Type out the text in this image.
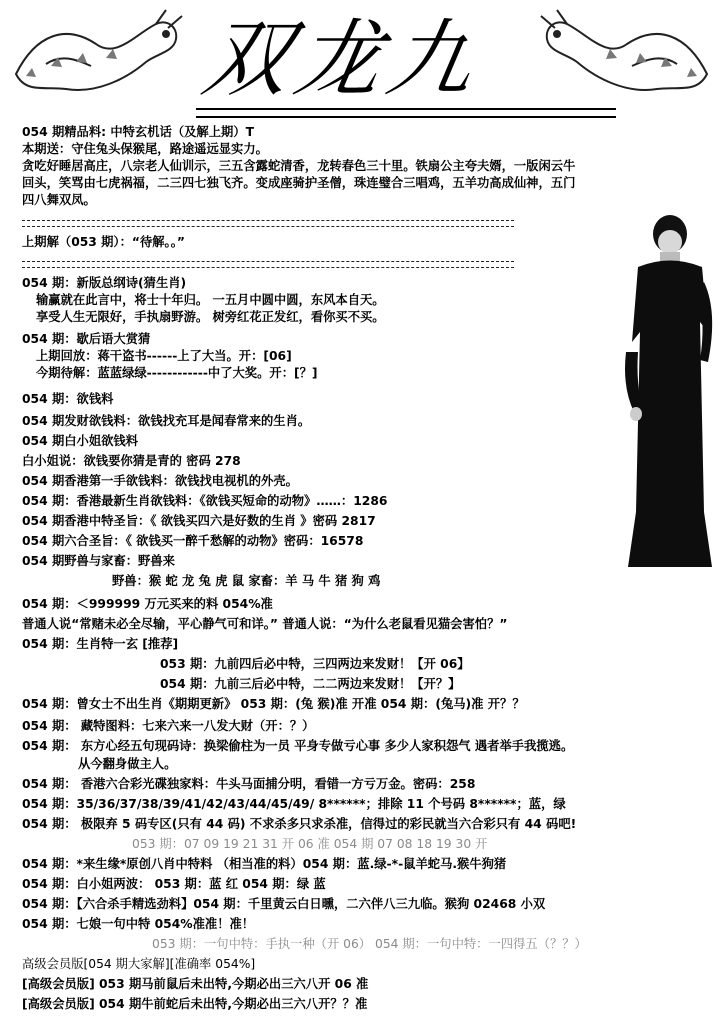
双龙九
054 期精品料: 中特玄机话（及解上期）T
本期送：守住兔头保猴尾，路途遥远显实力。
贪吃好睡居高庄，八宗老人仙训示，三五含露蛇清香，龙转春色三十里。铁扇公主夸夫婿，一版闲云牛
回头，笑骂由七虎祸福，二三四七独飞齐。变成座骑护圣僧，珠连璧合三唱鸡，五羊功高成仙神，五门
四八舞双凤。
上期解（053 期）：“待解。。”
054 期：新版总纲诗(猜生肖)
输赢就在此言中，将士十年归。 一五月中圆中圆，东风本自天。
享受人生无限好，手执扇野游。 树旁红花正发红，看你买不买。
054 期：歇后语大赏猜
上期回放：蒋干盗书------上了大当。开：[06]
今期待解：蓝蓝绿绿------------中了大奖。开：[？]
054 期：欲钱料
054 期发财欲钱料：欲钱找充耳是闻春常来的生肖。
054 期白小姐欲钱料
白小姐说：欲钱要你猜是青的 密码 278
054 期香港第一手欲钱料：欲钱找电视机的外壳。
054 期：香港最新生肖欲钱料：《欲钱买短命的动物》……：1286
054 期香港中特圣旨：《 欲钱买四六是好数的生肖 》密码 2817
054 期六合圣旨：《 欲钱买一醉千愁解的动物》密码：16578
054 期野兽与家畜：野兽来
野兽：猴 蛇 龙 兔 虎 鼠 家畜：羊 马 牛 猪 狗 鸡
054 期：＜999999 万元买来的料 054%准
普通人说“常赌未必全尽输，平心静气可和详。” 普通人说：“为什么老鼠看见猫会害怕？”
054 期：生肖特一玄 [推荐]
053 期：九前四后必中特，三四两边来发财！【开 06】
054 期：九前三后必中特，二二两边来发财！【开？】
054 期：曾女士不出生肖《期期更新》 053 期：(兔 猴)准 开准 054 期：(兔马)准 开？？
054 期： 藏特图料：七来六来一八发大财（开：？）
054 期： 东方心经五句现码诗：换梁偷柱为一员 平身专做亏心事 多少人家积怨气 遇者举手我揽逃。
从今翻身做主人。
054 期： 香港六合彩光碟独家料：牛头马面捕分明，看错一方亏万金。密码：258
054 期：35/36/37/38/39/41/42/43/44/45/49/ 8******；排除 11 个号码 8******；蓝，绿
054 期： 极限弃 5 码专区(只有 44 码) 不求杀多只求杀准，信得过的彩民就当六合彩只有 44 码吧!
053 期：07 09 19 21 31 开 06 准 054 期 07 08 18 19 30 开
054 期：*来生缘*原创八肖中特料 （相当准的料）054 期：蓝.绿-*-鼠羊蛇马.猴牛狗猪
054 期：白小姐两波： 053 期：蓝 红 054 期：绿 蓝
054 期：【六合杀手精选劲料】054 期：千里黄云白日曛，二六伴八三九临。猴狗 02468 小双
054 期：七娘一句中特 054%准准！准！
053 期：一句中特：手执一种（开 06） 054 期：一句中特：一四得五（？？）
高级会员版[054 期大家解][准确率 054%]
[高级会员版] 053 期马前鼠后未出特,今期必出三六八开 06 准
[高级会员版] 054 期牛前蛇后未出特,今期必出三六八开？？准
